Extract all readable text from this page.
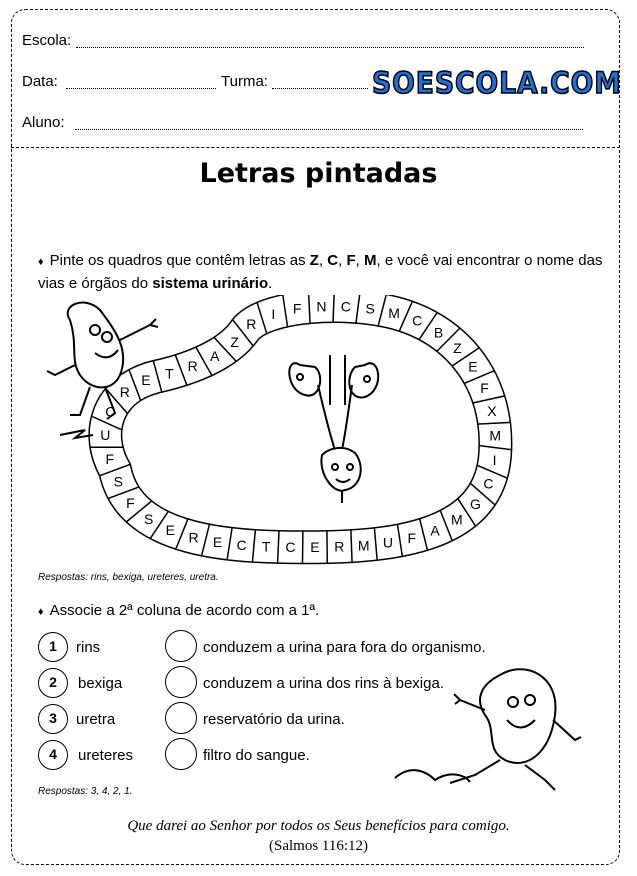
Escola:
Data:	Turma:	SOESCOLA.COM
Aluno:
Letras pintadas
♦ Pinte os quadros que contêm letras as Z, C, F, M, e você vai encontrar o nome das vias e órgãos do sistema urinário.
F
U
C
R
E T R
A
Z
R
I F N C S M C
B
Z
E
F
X
M
I
C
G
M
A
F
U
M
R
E
C
T
C
E
R
E
S
F
S
Respostas: rins, bexiga, ureteres, uretra.
♦ Associe a 2ª coluna de acordo com a 1ª.
1	rins	conduzem a urina para fora do organismo.
2	bexiga	conduzem a urina dos rins à bexiga.
3	uretra	reservatório da urina.
4	ureteres	filtro do sangue.
Respostas: 3, 4, 2, 1.
Que darei ao Senhor por todos os Seus benefícios para comigo.
(Salmos 116:12)
